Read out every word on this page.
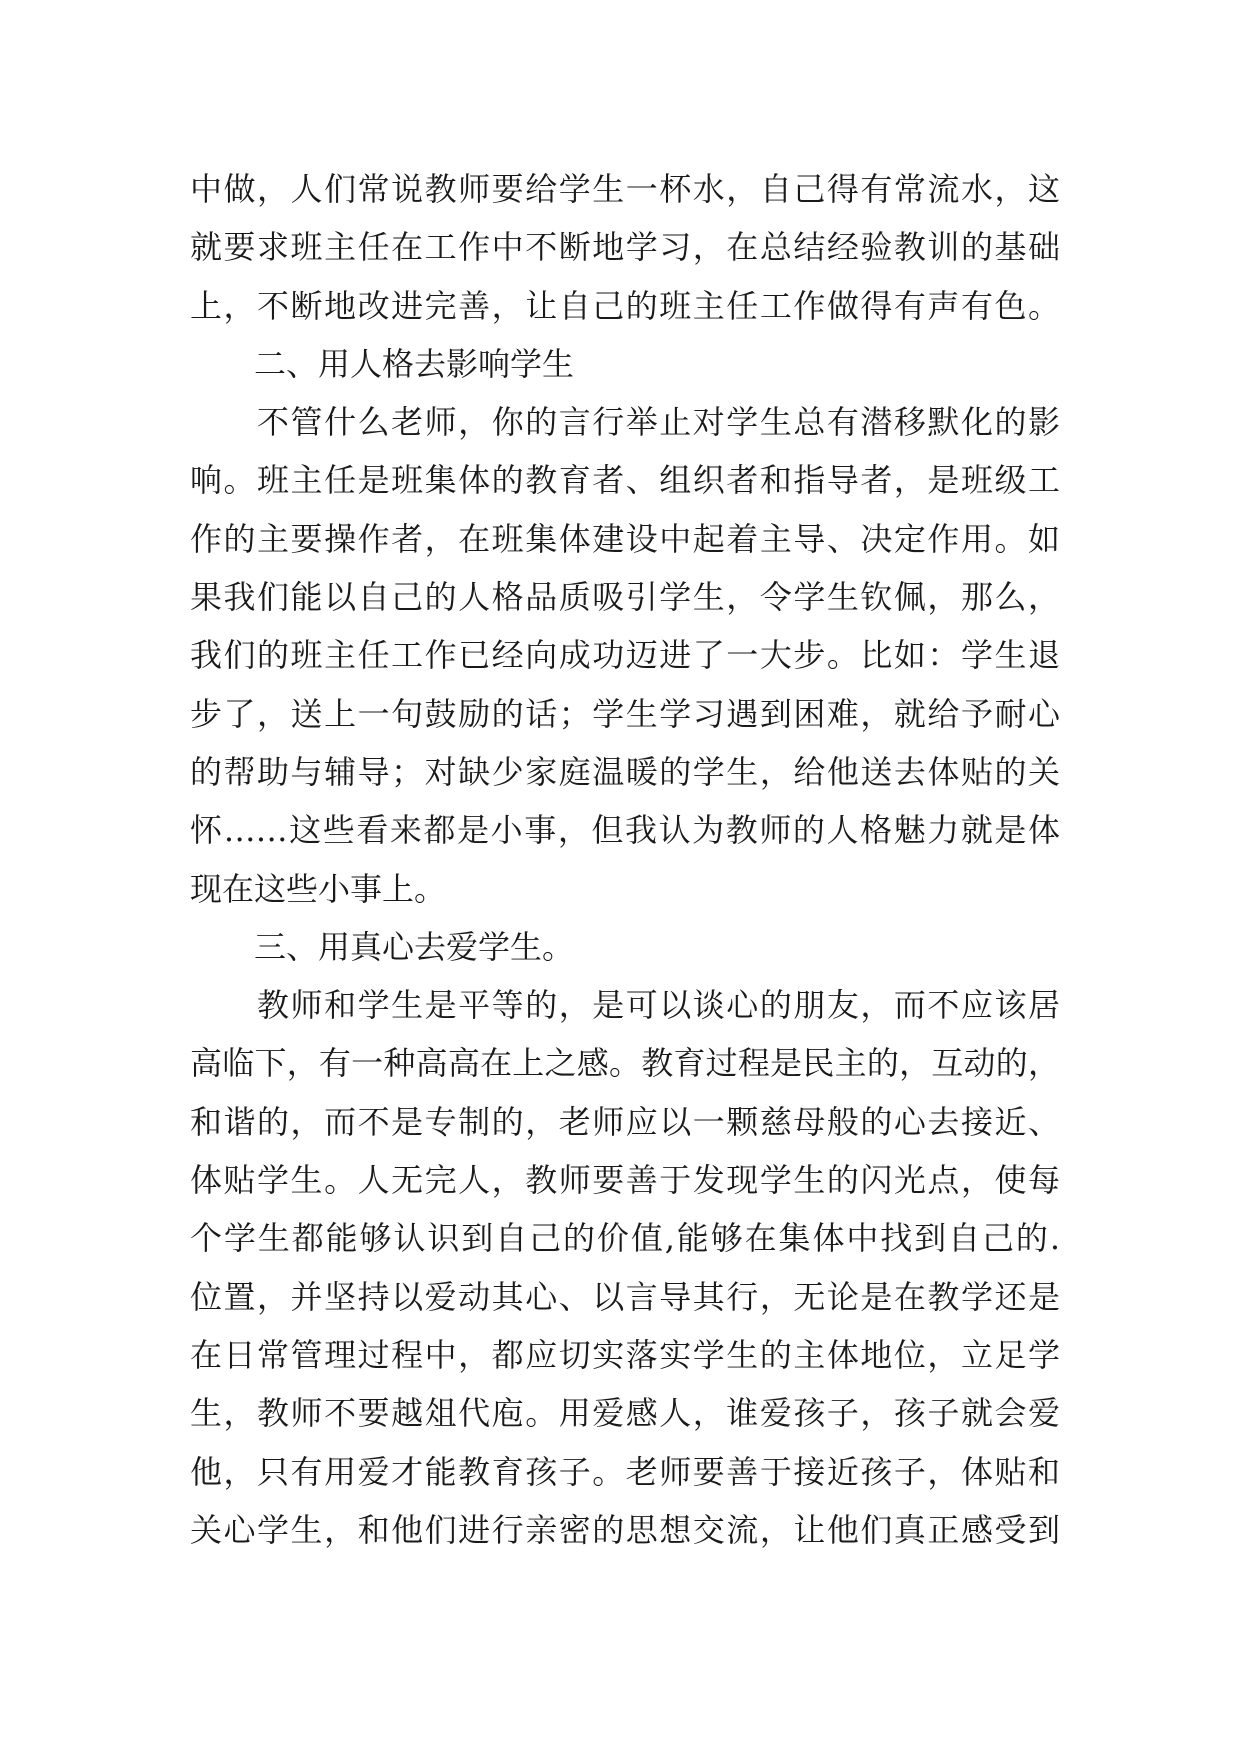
中做，人们常说教师要给学生一杯水，自己得有常流水，这
就要求班主任在工作中不断地学习，在总结经验教训的基础
上，不断地改进完善，让自己的班主任工作做得有声有色。
　　二、用人格去影响学生
　　不管什么老师，你的言行举止对学生总有潜移默化的影
响。班主任是班集体的教育者、组织者和指导者，是班级工
作的主要操作者，在班集体建设中起着主导、决定作用。如
果我们能以自己的人格品质吸引学生，令学生钦佩，那么，
我们的班主任工作已经向成功迈进了一大步。比如：学生退
步了，送上一句鼓励的话；学生学习遇到困难，就给予耐心
的帮助与辅导；对缺少家庭温暖的学生，给他送去体贴的关
怀……这些看来都是小事，但我认为教师的人格魅力就是体
现在这些小事上。
　　三、用真心去爱学生。
　　教师和学生是平等的，是可以谈心的朋友，而不应该居
高临下，有一种高高在上之感。教育过程是民主的，互动的，
和谐的，而不是专制的，老师应以一颗慈母般的心去接近、
体贴学生。人无完人，教师要善于发现学生的闪光点，使每
个学生都能够认识到自己的价值,能够在集体中找到自己的.
位置，并坚持以爱动其心、以言导其行，无论是在教学还是
在日常管理过程中，都应切实落实学生的主体地位，立足学
生，教师不要越俎代庖。用爱感人，谁爱孩子，孩子就会爱
他，只有用爱才能教育孩子。老师要善于接近孩子，体贴和
关心学生，和他们进行亲密的思想交流，让他们真正感受到
